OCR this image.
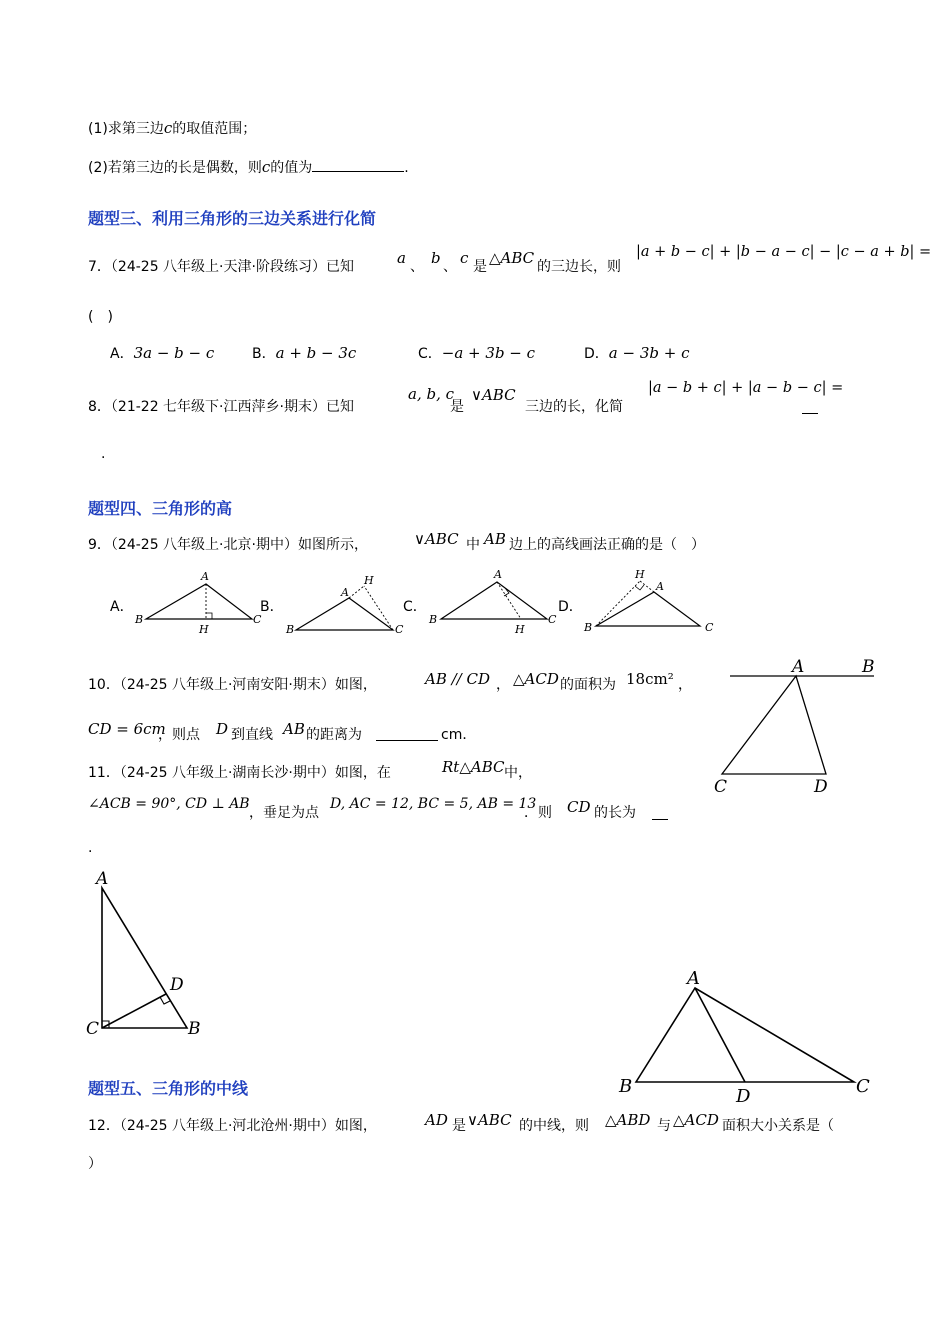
(1)求第三边c的取值范围；
(2)若第三边的长是偶数，则c的值为	.
题型三、利用三角形的三边关系进行化简
7．（24-25 八年级上·天津·阶段练习）已知	a 、 b 、 c 是 △ABC 的三边长，则
|a + b − c| + |b − a − c| − |c − a + b| =
(　)
A．3a − b − c	B．a + b − 3c	C．−a + 3b − c	D．a − 3b + c
8．（21-22 七年级下·江西萍乡·期末）已知
a, b, c
是
∨ABC
三边的长，化简
|a − b + c| + |a − b − c| =
.
题型四、三角形的高
9．（24-25 八年级上·北京·期中）如图所示，	∨ABC 中 AB 边上的高线画法正确的是（　）
A．	B．	C．	D．
A
B	C
H
A
B	C
H	A
B	C
H
A
B	C
H
10．（24-25 八年级上·河南安阳·期末）如图，	AB // CD ， △ACD 的面积为 18cm² ，
CD = 6cm
，则点 D 到直线 AB 的距离为	cm．
A	B
C	D
11．（24-25 八年级上·湖南长沙·期中）如图，在	Rt△ABC 中，
∠ACB = 90°, CD ⊥ AB
，垂足为点
D, AC = 12, BC = 5, AB = 13
．则 CD 的长为
.
A
B
C
D	A
B	C
D
题型五、三角形的中线
12．（24-25 八年级上·河北沧州·期中）如图，	AD 是 ∨ABC 的中线，则 △ABD 与 △ACD 面积大小关系是（
）
